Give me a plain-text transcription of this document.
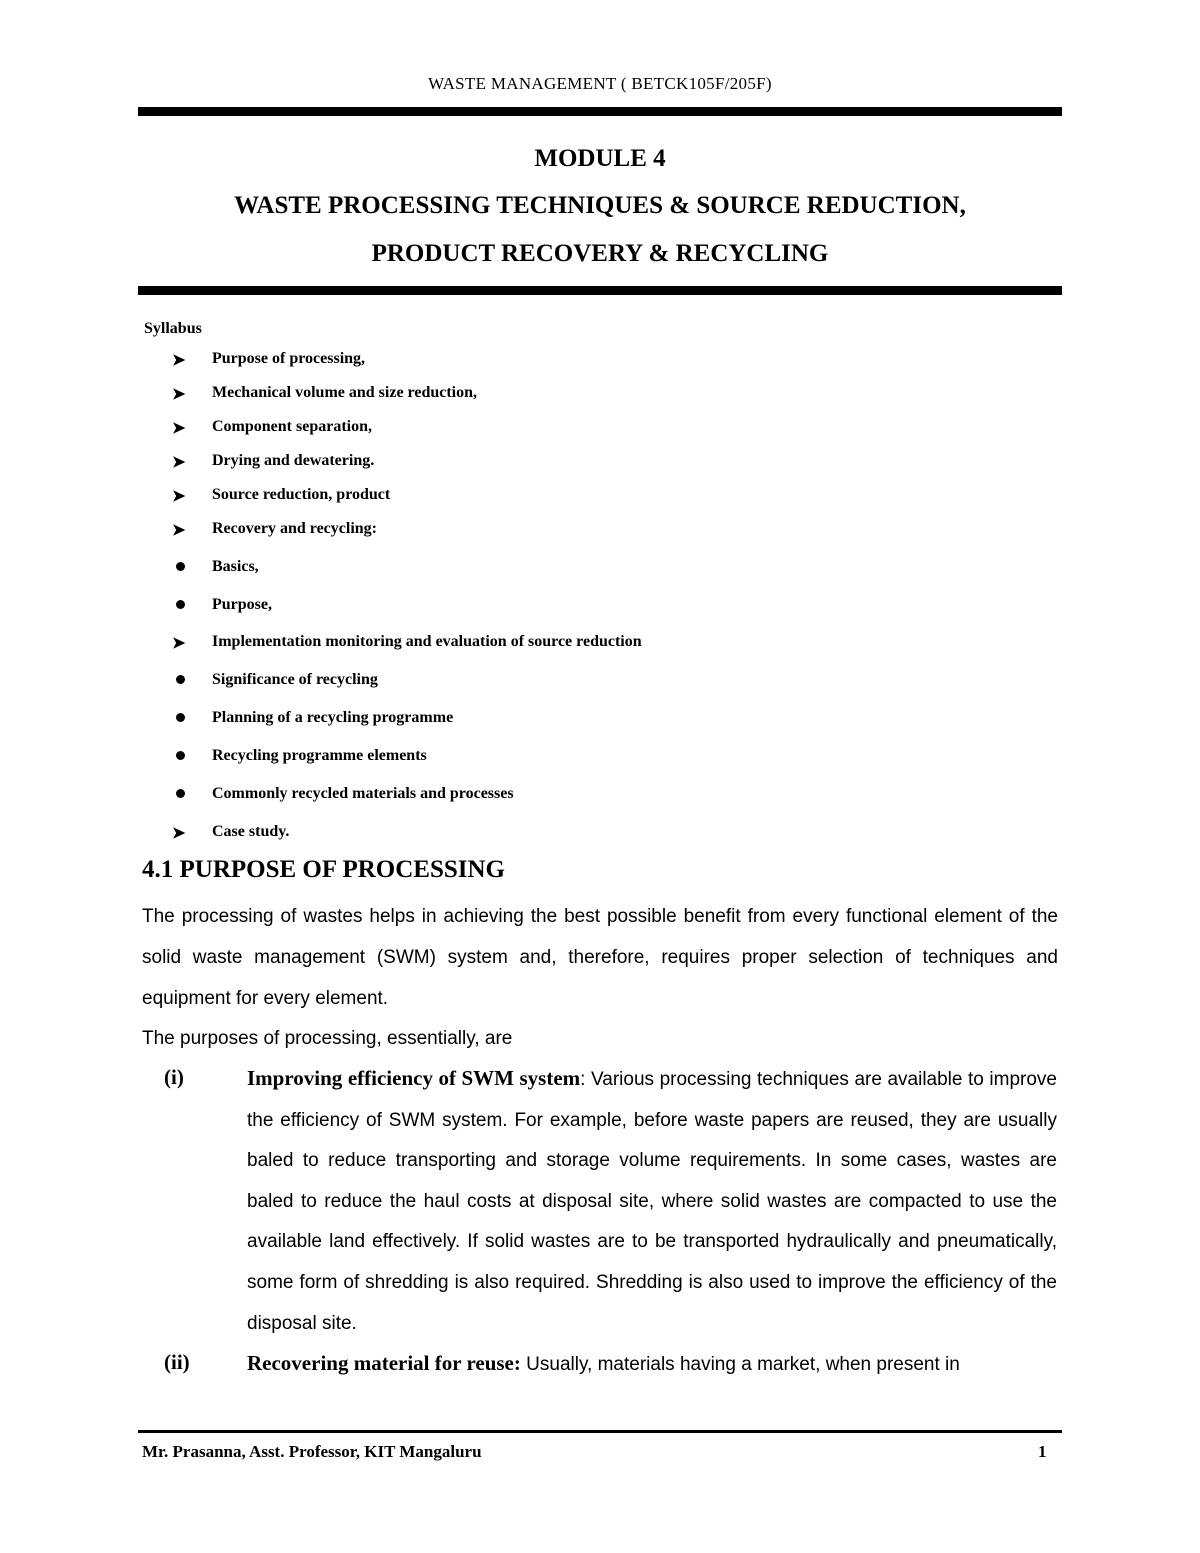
WASTE MANAGEMENT ( BETCK105F/205F)
MODULE 4
WASTE PROCESSING TECHNIQUES & SOURCE REDUCTION,
PRODUCT RECOVERY & RECYCLING
Syllabus
➤	Purpose of processing,
➤	Mechanical volume and size reduction,
➤	Component separation,
➤	Drying and dewatering.
➤	Source reduction, product
➤	Recovery and recycling:
Basics,
Purpose,
➤	Implementation monitoring and evaluation of source reduction
Significance of recycling
Planning of a recycling programme
Recycling programme elements
Commonly recycled materials and processes
➤	Case study.
4.1 PURPOSE OF PROCESSING
The processing of wastes helps in achieving the best possible benefit from every functional element of the solid waste management (SWM) system and, therefore, requires proper selection of techniques and equipment for every element.
The purposes of processing, essentially, are
(i)	Improving efficiency of SWM system: Various processing techniques are available to improve the efficiency of SWM system. For example, before waste papers are reused, they are usually baled to reduce transporting and storage volume requirements. In some cases, wastes are baled to reduce the haul costs at disposal site, where solid wastes are compacted to use the available land effectively. If solid wastes are to be transported hydraulically and pneumatically, some form of shredding is also required. Shredding is also used to improve the efficiency of the disposal site.
(ii)	Recovering material for reuse: Usually, materials having a market, when present in
Mr. Prasanna, Asst. Professor, KIT Mangaluru	1
